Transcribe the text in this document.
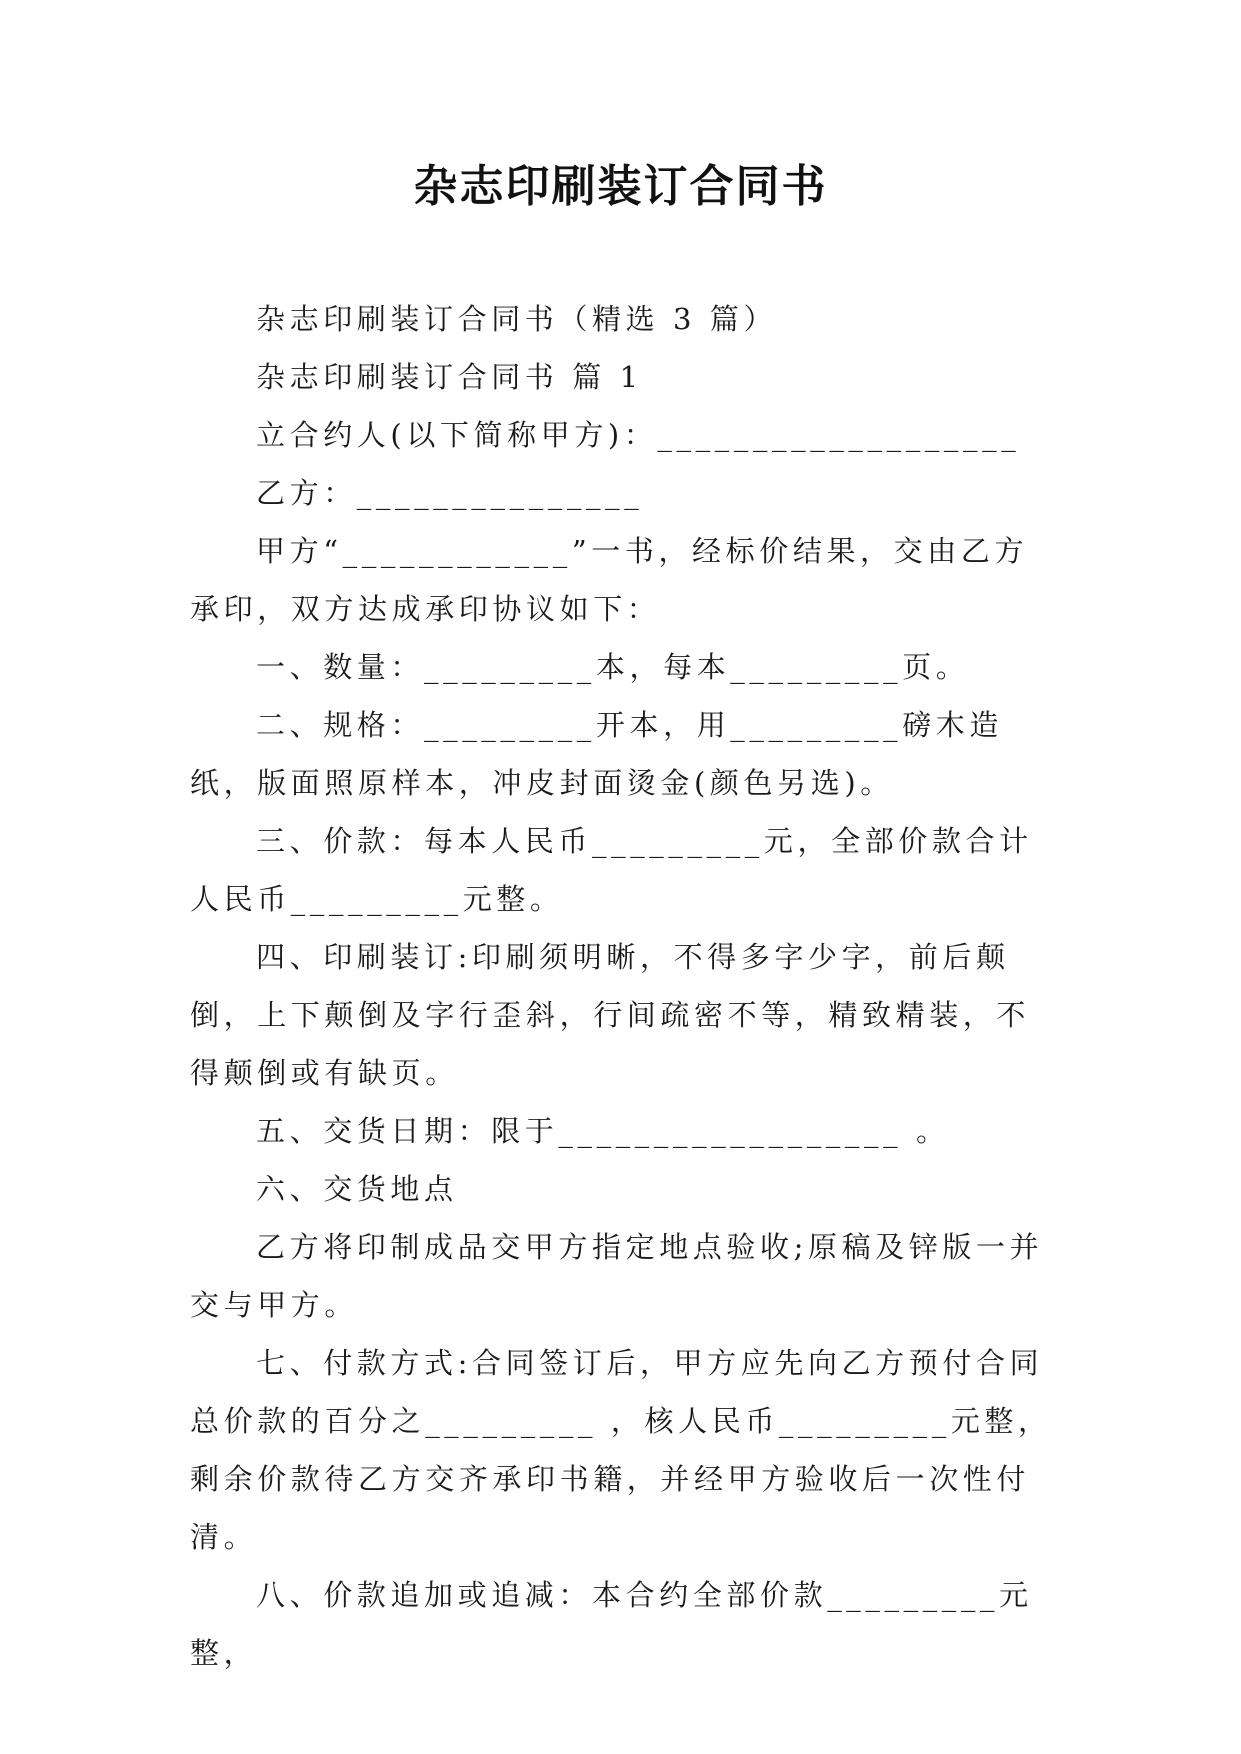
杂志印刷装订合同书

杂志印刷装订合同书（精选 3 篇）

杂志印刷装订合同书 篇 1

立合约人(以下简称甲方)：___________________

乙方：_______________

甲方“____________”一书，经标价结果，交由乙方承印，双方达成承印协议如下：

一、数量：_________本，每本_________页。

二、规格：_________开本，用_________磅木造纸，版面照原样本，冲皮封面烫金(颜色另选)。

三、价款：每本人民币_________元，全部价款合计人民币_________元整。

四、印刷装订:印刷须明晰，不得多字少字，前后颠倒，上下颠倒及字行歪斜，行间疏密不等，精致精装，不得颠倒或有缺页。

五、交货日期：限于__________________ 。

六、交货地点

乙方将印制成品交甲方指定地点验收;原稿及锌版一并交与甲方。

七、付款方式:合同签订后，甲方应先向乙方预付合同总价款的百分之_________ ，核人民币_________元整，剩余价款待乙方交齐承印书籍，并经甲方验收后一次性付清。

八、价款追加或追减：本合约全部价款_________元整，
